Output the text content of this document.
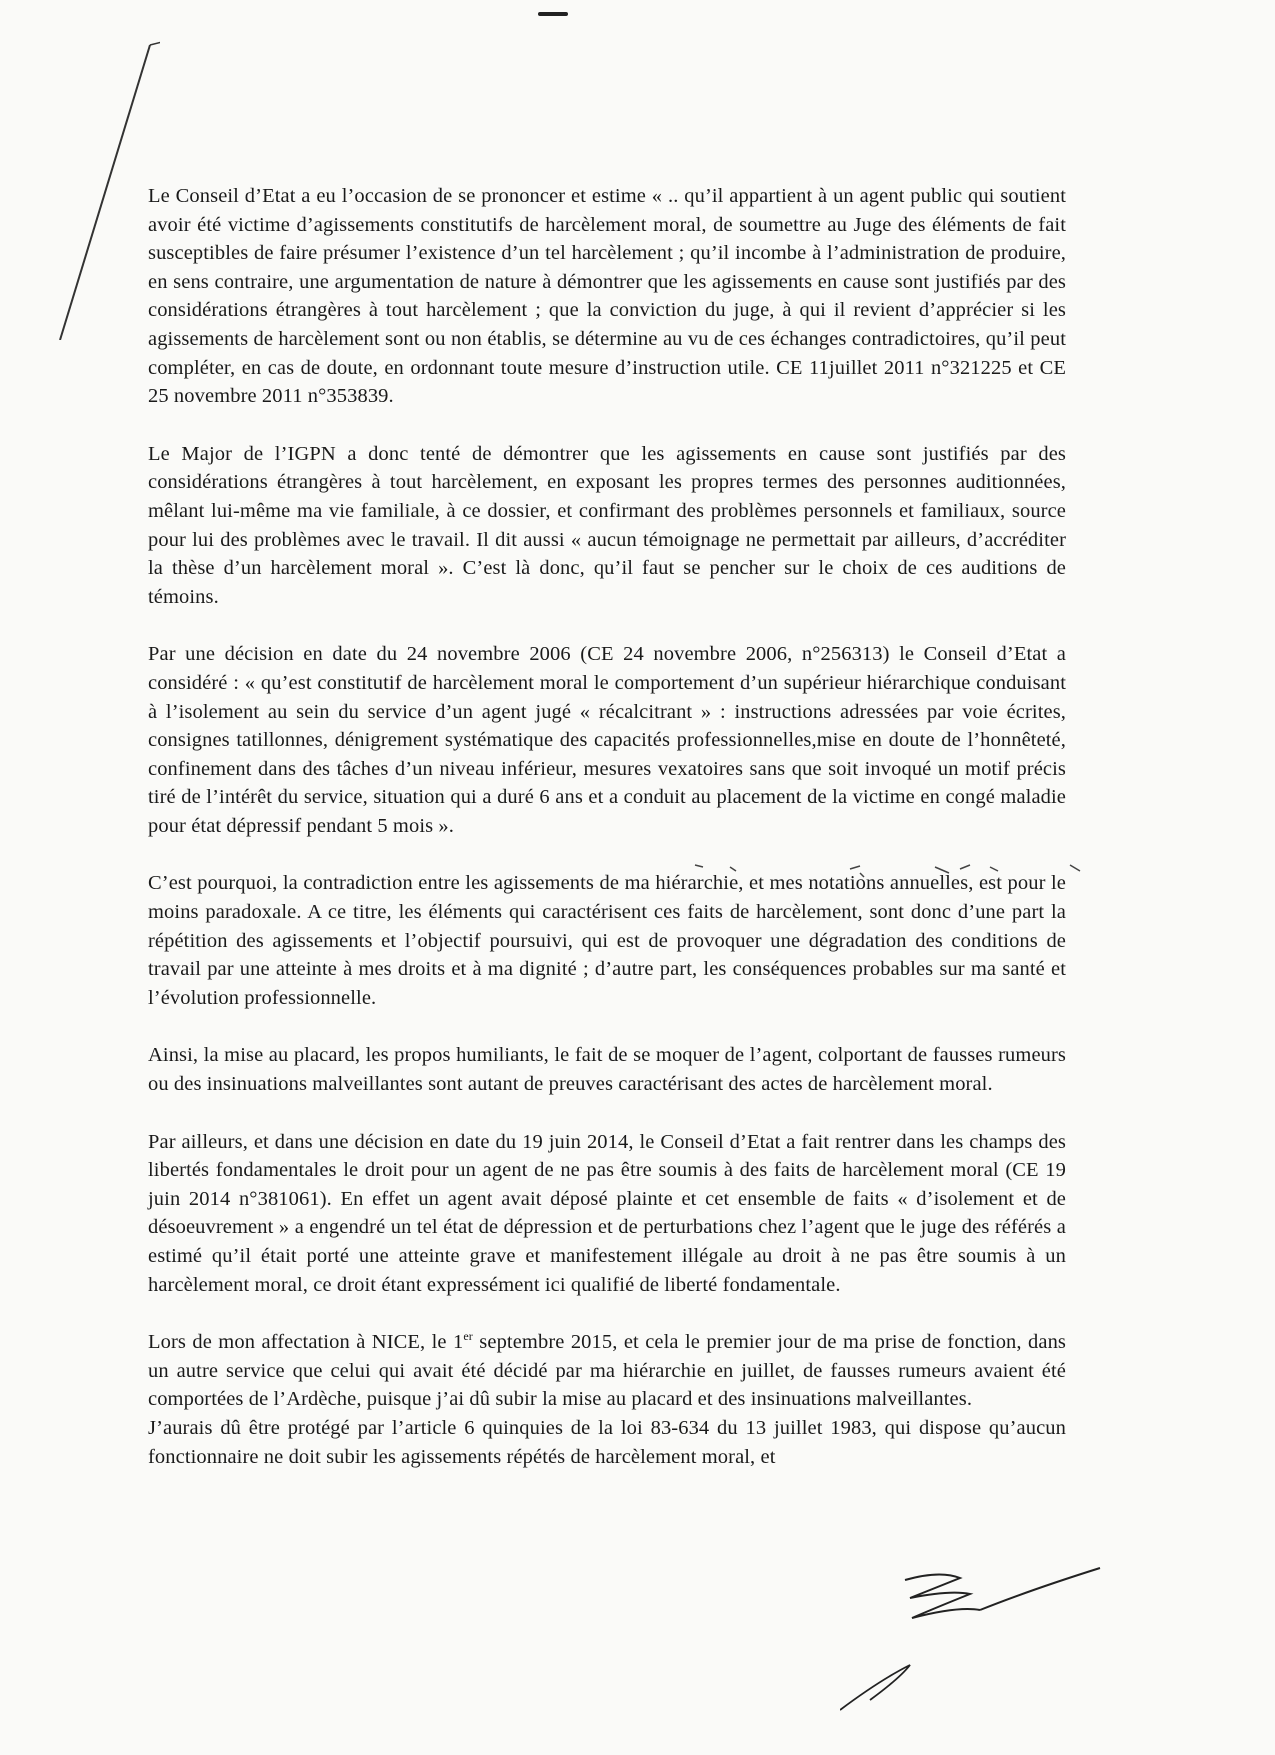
Le Conseil d’Etat a eu l’occasion de se prononcer et estime « .. qu’il appartient à un agent public qui soutient avoir été victime d’agissements constitutifs de harcèlement moral, de soumettre au Juge des éléments de fait susceptibles de faire présumer l’existence d’un tel harcèlement ; qu’il incombe à l’administration de produire, en sens contraire, une argumentation de nature à démontrer que les agissements en cause sont justifiés par des considérations étrangères à tout harcèlement ; que la conviction du juge, à qui il revient d’apprécier si les agissements de harcèlement sont ou non établis, se détermine au vu de ces échanges contradictoires, qu’il peut compléter, en cas de doute, en ordonnant toute mesure d’instruction utile. CE 11juillet 2011 n°321225 et CE 25 novembre 2011 n°353839.

Le Major de l’IGPN a donc tenté de démontrer que les agissements en cause sont justifiés par des considérations étrangères à tout harcèlement, en exposant les propres termes des personnes auditionnées, mêlant lui-même ma vie familiale, à ce dossier, et confirmant des problèmes personnels et familiaux, source pour lui des problèmes avec le travail. Il dit aussi « aucun témoignage ne permettait par ailleurs, d’accréditer la thèse d’un harcèlement moral ». C’est là donc, qu’il faut se pencher sur le choix de ces auditions de témoins.

Par une décision en date du 24 novembre 2006 (CE 24 novembre 2006, n°256313) le Conseil d’Etat a considéré : « qu’est constitutif de harcèlement moral le comportement d’un supérieur hiérarchique conduisant à l’isolement au sein du service d’un agent jugé « récalcitrant » : instructions adressées par voie écrites, consignes tatillonnes, dénigrement systématique des capacités professionnelles,mise en doute de l’honnêteté, confinement dans des tâches d’un niveau inférieur, mesures vexatoires sans que soit invoqué un motif précis tiré de l’intérêt du service, situation qui a duré 6 ans et a conduit au placement de la victime en congé maladie pour état dépressif pendant 5 mois ».

C’est pourquoi, la contradiction entre les agissements de ma hiérarchie, et mes notations annuelles, est pour le moins paradoxale. A ce titre, les éléments qui caractérisent ces faits de harcèlement, sont donc d’une part la répétition des agissements et l’objectif poursuivi, qui est de provoquer une dégradation des conditions de travail par une atteinte à mes droits et à ma dignité ; d’autre part, les conséquences probables sur ma santé et l’évolution professionnelle.

Ainsi, la mise au placard, les propos humiliants, le fait de se moquer de l’agent, colportant de fausses rumeurs ou des insinuations malveillantes sont autant de preuves caractérisant des actes de harcèlement moral.

Par ailleurs, et dans une décision en date du 19 juin 2014, le Conseil d’Etat a fait rentrer dans les champs des libertés fondamentales le droit pour un agent de ne pas être soumis à des faits de harcèlement moral (CE 19 juin 2014 n°381061). En effet un agent avait déposé plainte et cet ensemble de faits « d’isolement et de désoeuvrement » a engendré un tel état de dépression et de perturbations chez l’agent que le juge des référés a estimé qu’il était porté une atteinte grave et manifestement illégale au droit à ne pas être soumis à un harcèlement moral, ce droit étant expressément ici qualifié de liberté fondamentale.

Lors de mon affectation à NICE, le 1er septembre 2015, et cela le premier jour de ma prise de fonction, dans un autre service que celui qui avait été décidé par ma hiérarchie en juillet, de fausses rumeurs avaient été comportées de l’Ardèche, puisque j’ai dû subir la mise au placard et des insinuations malveillantes.

J’aurais dû être protégé par l’article 6 quinquies de la loi 83-634 du 13 juillet 1983, qui dispose qu’aucun fonctionnaire ne doit subir les agissements répétés de harcèlement moral, et
